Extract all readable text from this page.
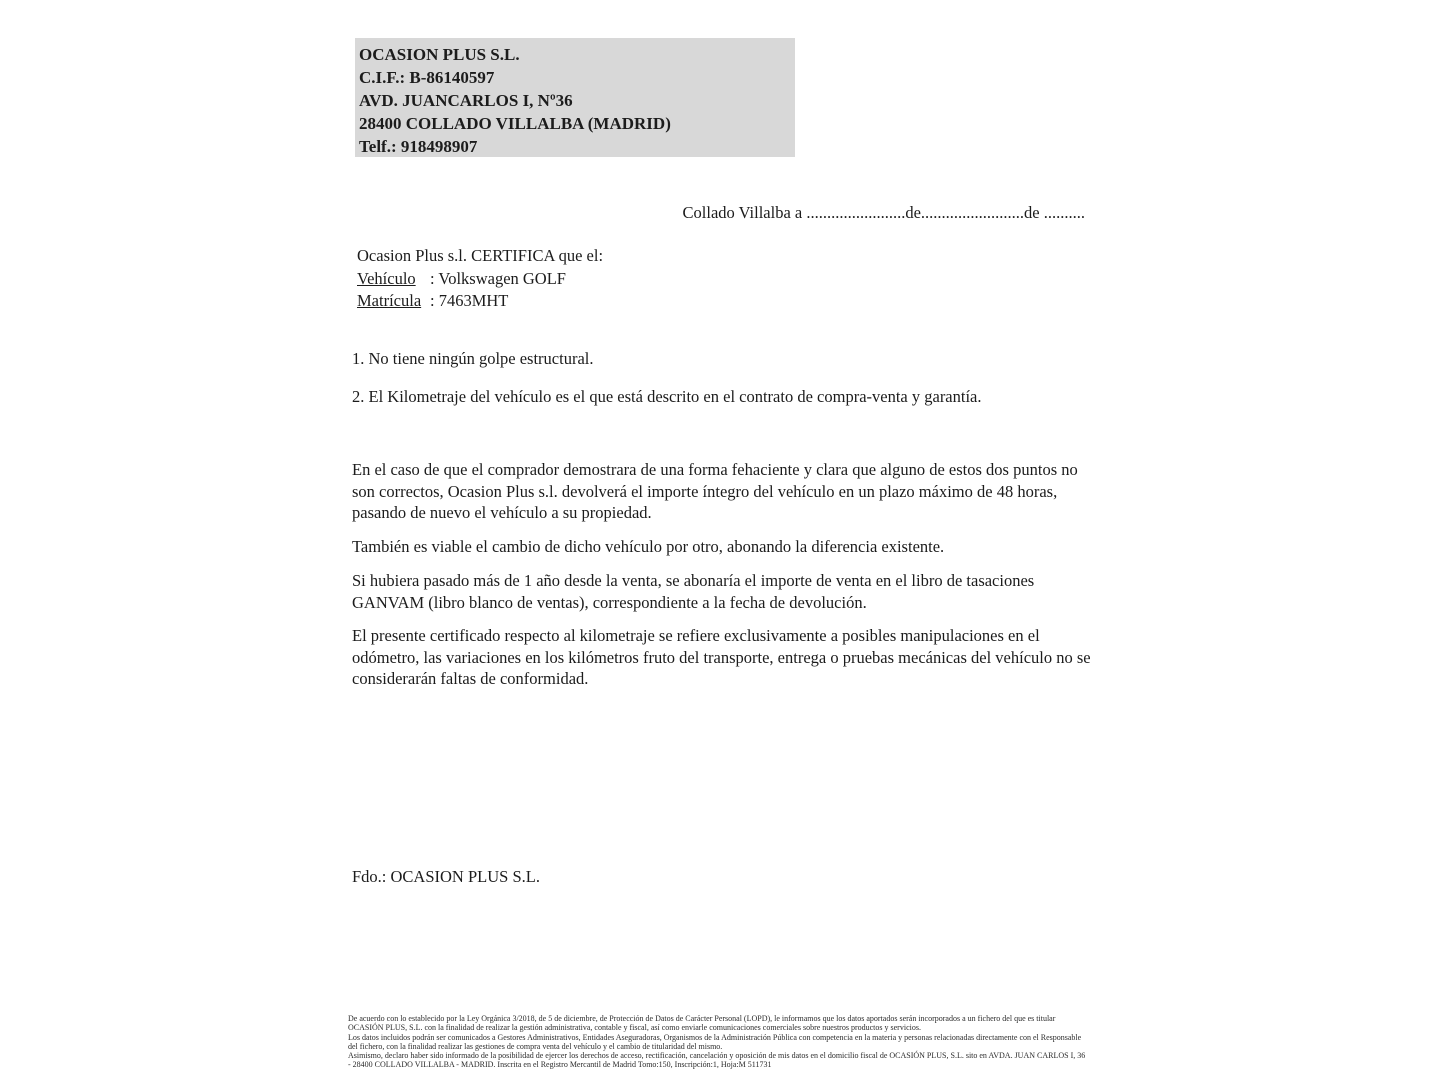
OCASION PLUS S.L.
C.I.F.: B-86140597
AVD. JUANCARLOS I, Nº36
28400 COLLADO VILLALBA (MADRID)
Telf.: 918498907
Collado Villalba a ........................de.........................de ..........
Ocasion Plus s.l. CERTIFICA que el:
Vehículo : Volkswagen GOLF
Matrícula : 7463MHT
1. No tiene ningún golpe estructural.
2. El Kilometraje del vehículo es el que está descrito en el contrato de compra-venta y garantía.
En el caso de que el comprador demostrara de una forma fehaciente y clara que alguno de estos dos puntos no son correctos, Ocasion Plus s.l. devolverá el importe íntegro del vehículo en un plazo máximo de 48 horas, pasando de nuevo el vehículo a su propiedad.
También es viable el cambio de dicho vehículo por otro, abonando la diferencia existente.
Si hubiera pasado más de 1 año desde la venta, se abonaría el importe de venta en el libro de tasaciones GANVAM (libro blanco de ventas), correspondiente a la fecha de devolución.
El presente certificado respecto al kilometraje se refiere exclusivamente a posibles manipulaciones en el odómetro, las variaciones en los kilómetros fruto del transporte, entrega o pruebas mecánicas del vehículo no se considerarán faltas de conformidad.
Fdo.: OCASION PLUS S.L.
De acuerdo con lo establecido por la Ley Orgánica 3/2018, de 5 de diciembre, de Protección de Datos de Carácter Personal (LOPD), le informamos que los datos aportados serán incorporados a un fichero del que es titular OCASIÓN PLUS, S.L. con la finalidad de realizar la gestión administrativa, contable y fiscal, así como enviarle comunicaciones comerciales sobre nuestros productos y servicios.
Los datos incluidos podrán ser comunicados a Gestores Administrativos, Entidades Aseguradoras, Organismos de la Administración Pública con competencia en la materia y personas relacionadas directamente con el Responsable del fichero, con la finalidad realizar las gestiones de compra venta del vehículo y el cambio de titularidad del mismo.
Asimismo, declaro haber sido informado de la posibilidad de ejercer los derechos de acceso, rectificación, cancelación y oposición de mis datos en el domicilio fiscal de OCASIÓN PLUS, S.L. sito en AVDA. JUAN CARLOS I, 36 - 28400 COLLADO VILLALBA - MADRID. Inscrita en el Registro Mercantil de Madrid Tomo:150, Inscripción:1, Hoja:M 511731
